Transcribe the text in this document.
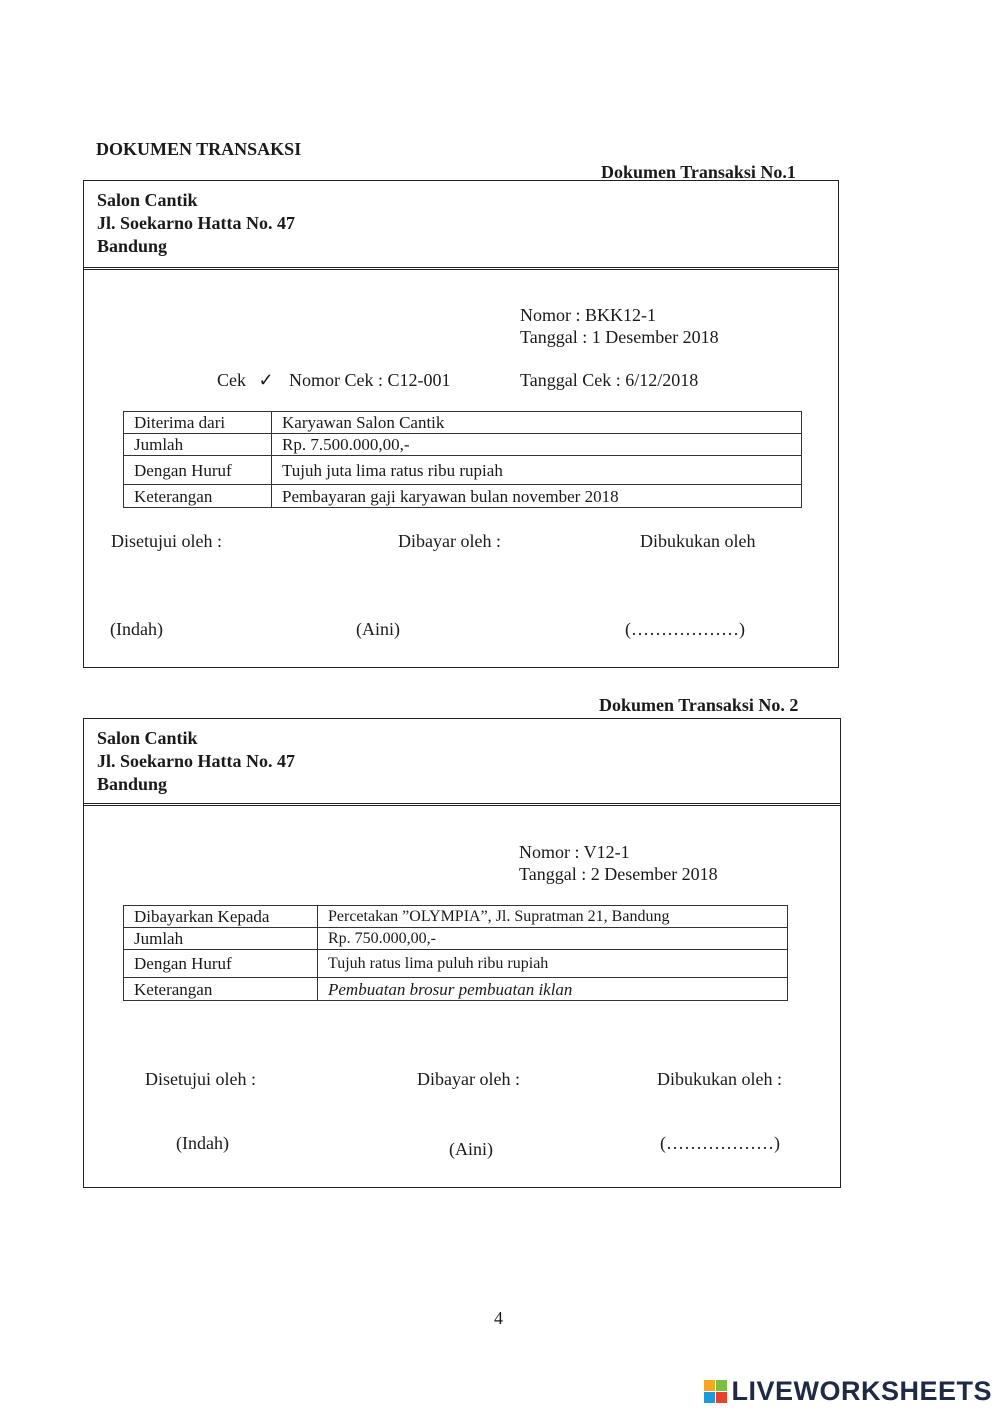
DOKUMEN TRANSAKSI
Dokumen Transaksi No.1
Salon Cantik
Jl. Soekarno Hatta No. 47
Bandung
Nomor : BKK12-1
Tanggal : 1 Desember 2018
Cek ✓ Nomor Cek : C12-001	Tanggal Cek : 6/12/2018
Diterima dari	Karyawan Salon Cantik
Jumlah	Rp. 7.500.000,00,-
Dengan Huruf	Tujuh juta lima ratus ribu rupiah
Keterangan	Pembayaran gaji karyawan bulan november 2018
Disetujui oleh :	Dibayar oleh :	Dibukukan oleh
(Indah)	(Aini)	(………………)
Dokumen Transaksi No. 2
Salon Cantik
Jl. Soekarno Hatta No. 47
Bandung
Nomor : V12-1
Tanggal : 2 Desember 2018
Dibayarkan Kepada	Percetakan ”OLYMPIA”, Jl. Supratman 21, Bandung
Jumlah	Rp. 750.000,00,-
Dengan Huruf	Tujuh ratus lima puluh ribu rupiah
Keterangan	Pembuatan brosur pembuatan iklan
Disetujui oleh :	Dibayar oleh :	Dibukukan oleh :
(Indah)	(Aini)	(………………)
4
LIVEWORKSHEETS
